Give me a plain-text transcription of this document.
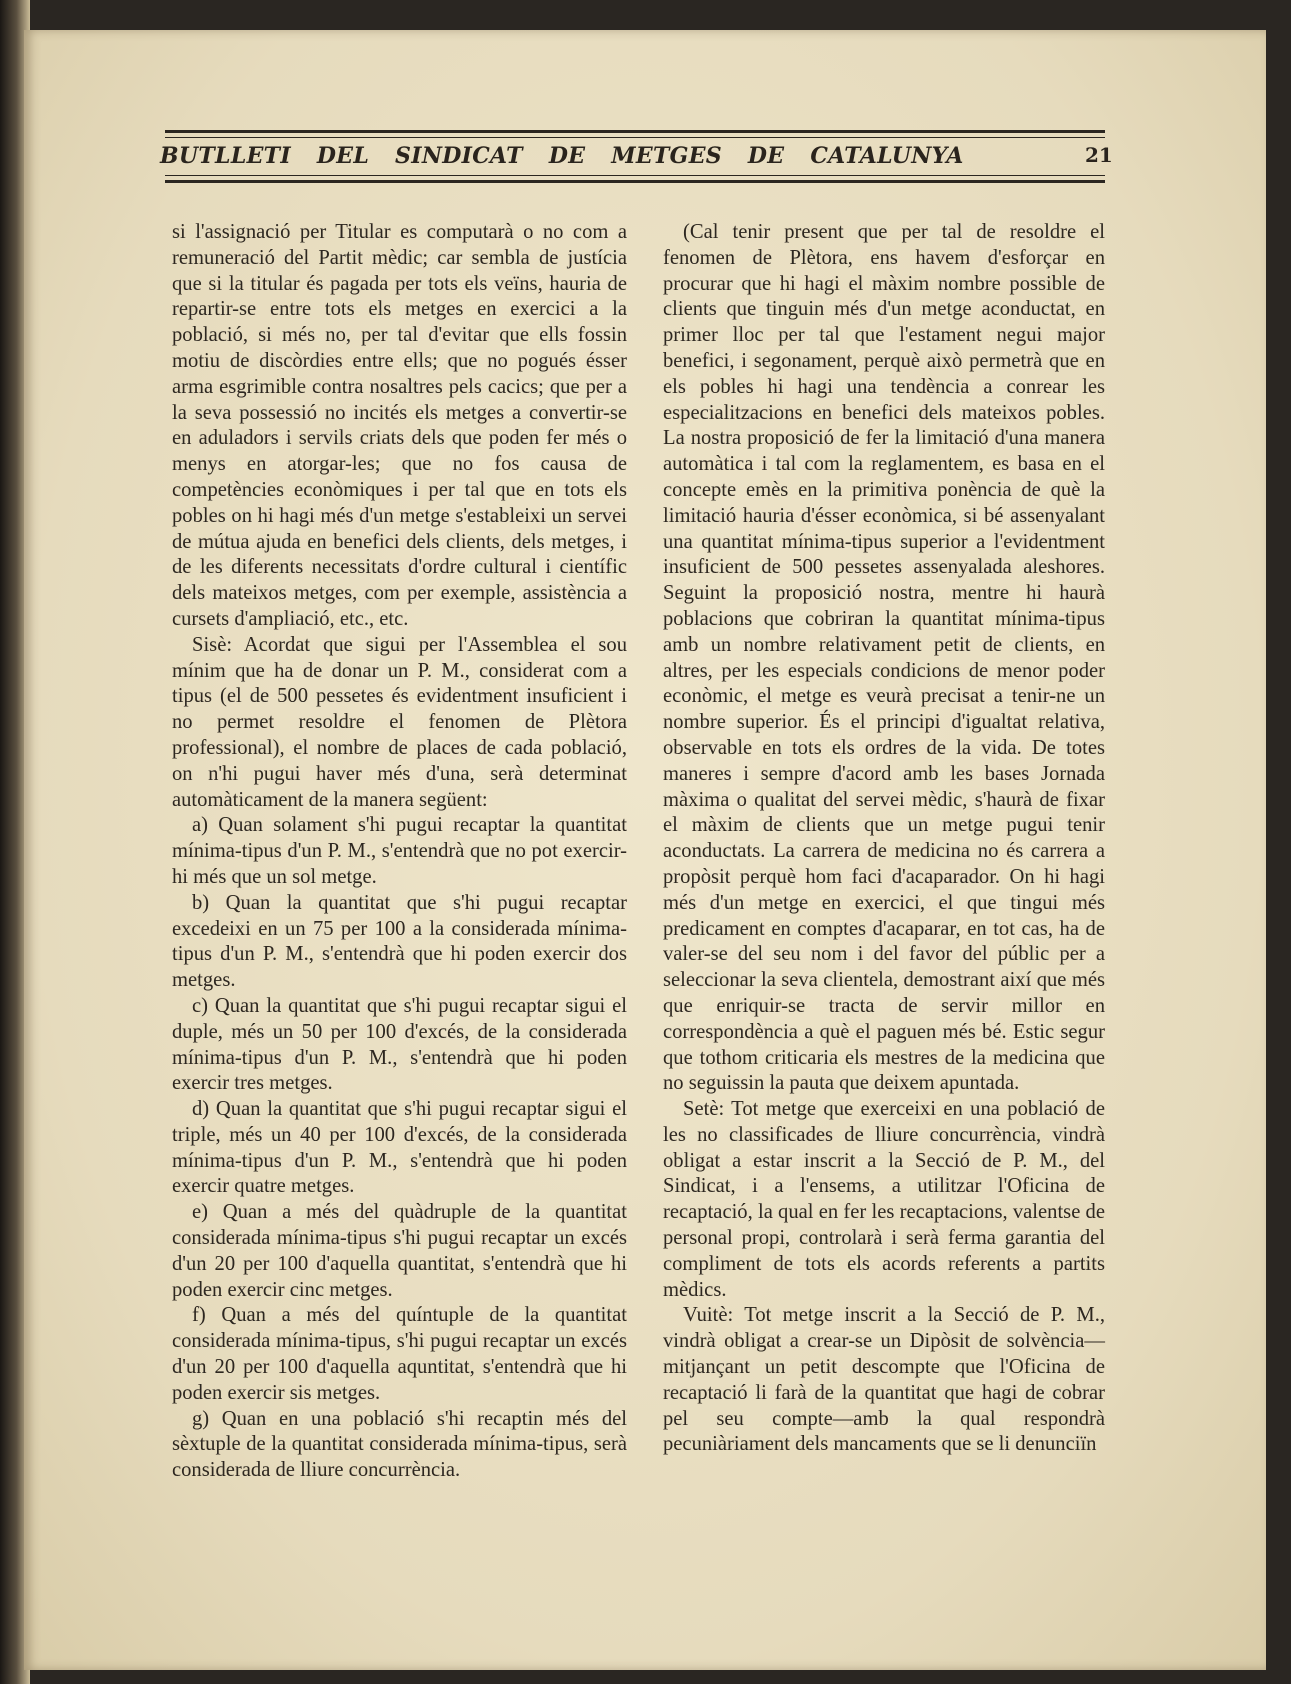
BUTLLETI DEL SINDICAT DE METGES DE CATALUNYA	21

si l'assignació per Titular es computarà o no com a remuneració del Partit mèdic; car sembla de justícia que si la titular és pagada per tots els veïns, hauria de repartir-se entre tots els metges en exercici a la població, si més no, per tal d'evitar que ells fossin motiu de discòrdies entre ells; que no pogués ésser arma esgrimible contra nosaltres pels cacics; que per a la seva possessió no incités els metges a convertir-se en aduladors i servils criats dels que poden fer més o menys en atorgar-les; que no fos causa de competències econòmiques i per tal que en tots els pobles on hi hagi més d'un metge s'estableixi un servei de mútua ajuda en benefici dels clients, dels metges, i de les diferents necessitats d'ordre cultural i científic dels mateixos metges, com per exemple, assistència a cursets d'ampliació, etc., etc.

Sisè: Acordat que sigui per l'Assemblea el sou mínim que ha de donar un P. M., considerat com a tipus (el de 500 pessetes és evidentment insuficient i no permet resoldre el fenomen de Plètora professional), el nombre de places de cada població, on n'hi pugui haver més d'una, serà determinat automàticament de la manera següent:

a) Quan solament s'hi pugui recaptar la quantitat mínima-tipus d'un P. M., s'entendrà que no pot exercir-hi més que un sol metge.

b) Quan la quantitat que s'hi pugui recaptar excedeixi en un 75 per 100 a la considerada mínima-tipus d'un P. M., s'entendrà que hi poden exercir dos metges.

c) Quan la quantitat que s'hi pugui recaptar sigui el duple, més un 50 per 100 d'excés, de la considerada mínima-tipus d'un P. M., s'entendrà que hi poden exercir tres metges.

d) Quan la quantitat que s'hi pugui recaptar sigui el triple, més un 40 per 100 d'excés, de la considerada mínima-tipus d'un P. M., s'entendrà que hi poden exercir quatre metges.

e) Quan a més del quàdruple de la quantitat considerada mínima-tipus s'hi pugui recaptar un excés d'un 20 per 100 d'aquella quantitat, s'entendrà que hi poden exercir cinc metges.

f) Quan a més del quíntuple de la quantitat considerada mínima-tipus, s'hi pugui recaptar un excés d'un 20 per 100 d'aquella aquntitat, s'entendrà que hi poden exercir sis metges.

g) Quan en una població s'hi recaptin més del sèxtuple de la quantitat considerada mínima-tipus, serà considerada de lliure concurrència.

(Cal tenir present que per tal de resoldre el fenomen de Plètora, ens havem d'esforçar en procurar que hi hagi el màxim nombre possible de clients que tinguin més d'un metge aconductat, en primer lloc per tal que l'estament negui major benefici, i segonament, perquè això permetrà que en els pobles hi hagi una tendència a conrear les especialitzacions en benefici dels mateixos pobles. La nostra proposició de fer la limitació d'una manera automàtica i tal com la reglamentem, es basa en el concepte emès en la primitiva ponència de què la limitació hauria d'ésser econòmica, si bé assenyalant una quantitat mínima-tipus superior a l'evidentment insuficient de 500 pessetes assenyalada aleshores. Seguint la proposició nostra, mentre hi haurà poblacions que cobriran la quantitat mínima-tipus amb un nombre relativament petit de clients, en altres, per les especials condicions de menor poder econòmic, el metge es veurà precisat a tenir-ne un nombre superior. És el principi d'igualtat relativa, observable en tots els ordres de la vida. De totes maneres i sempre d'acord amb les bases Jornada màxima o qualitat del servei mèdic, s'haurà de fixar el màxim de clients que un metge pugui tenir aconductats. La carrera de medicina no és carrera a propòsit perquè hom faci d'acaparador. On hi hagi més d'un metge en exercici, el que tingui més predicament en comptes d'acaparar, en tot cas, ha de valer-se del seu nom i del favor del públic per a seleccionar la seva clientela, demostrant així que més que enriquir-se tracta de servir millor en correspondència a què el paguen més bé. Estic segur que tothom criticaria els mestres de la medicina que no seguissin la pauta que deixem apuntada.

Setè: Tot metge que exerceixi en una població de les no classificades de lliure concurrència, vindrà obligat a estar inscrit a la Secció de P. M., del Sindicat, i a l'ensems, a utilitzar l'Oficina de recaptació, la qual en fer les recaptacions, valentse de personal propi, controlarà i serà ferma garantia del compliment de tots els acords referents a partits mèdics.

Vuitè: Tot metge inscrit a la Secció de P. M., vindrà obligat a crear-se un Dipòsit de solvència—mitjançant un petit descompte que l'Oficina de recaptació li farà de la quantitat que hagi de cobrar pel seu compte—amb la qual respondrà pecuniàriament dels mancaments que se li denunciïn
